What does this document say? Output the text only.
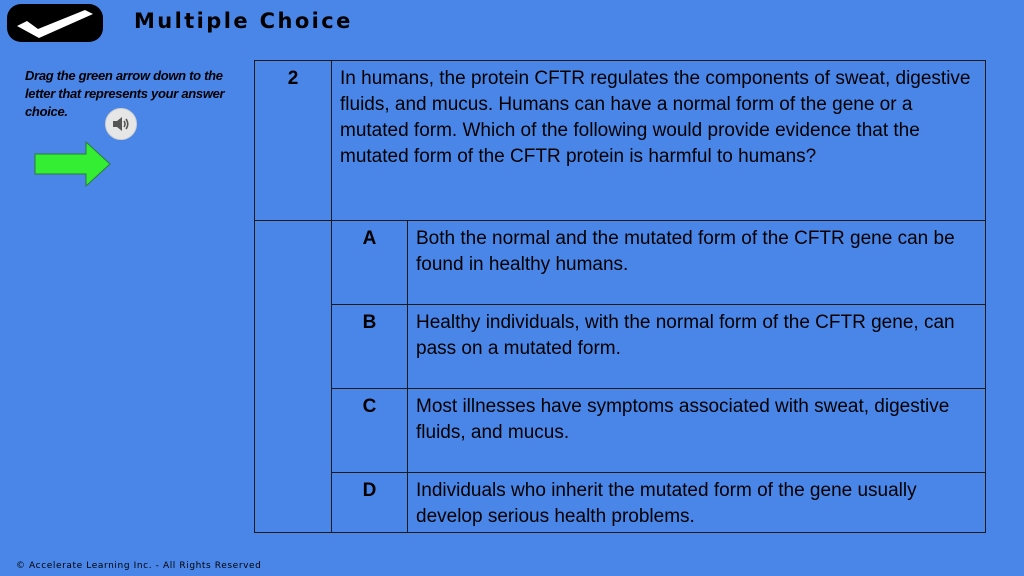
Multiple Choice
Drag the green arrow down to the letter that represents your answer choice.
2	In humans, the protein CFTR regulates the components of sweat, digestive fluids, and mucus. Humans can have a normal form of the gene or a mutated form. Which of the following would provide evidence that the mutated form of the CFTR protein is harmful to humans?	
	A	Both the normal and the mutated form of the CFTR gene can be found in healthy humans.
	B	Healthy individuals, with the normal form of the CFTR gene, can pass on a mutated form.
	C	Most illnesses have symptoms associated with sweat, digestive fluids, and mucus.
	D	Individuals who inherit the mutated form of the gene usually develop serious health problems.
© Accelerate Learning Inc. - All Rights Reserved
